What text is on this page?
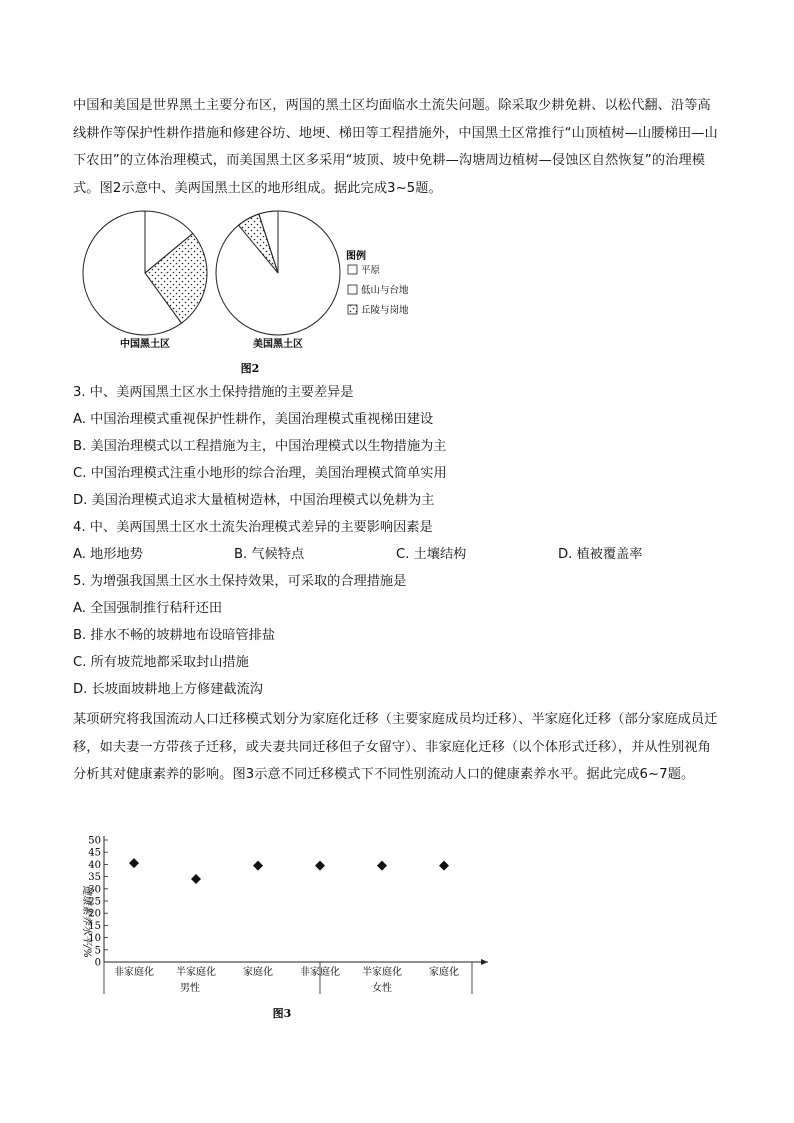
中国和美国是世界黑土主要分布区，两国的黑土区均面临水土流失问题。除采取少耕免耕、以松代翻、沿等高线耕作等保护性耕作措施和修建谷坊、地埂、梯田等工程措施外，中国黑土区常推行“山顶植树—山腰梯田—山下农田”的立体治理模式，而美国黑土区多采用“坡顶、坡中免耕—沟塘周边植树—侵蚀区自然恢复”的治理模式。图2示意中、美两国黑土区的地形组成。据此完成3~5题。
图例
平原
低山与台地
丘陵与岗地
中国黑土区	美国黑土区
图2
3. 中、美两国黑土区水土保持措施的主要差异是
A. 中国治理模式重视保护性耕作，美国治理模式重视梯田建设
B. 美国治理模式以工程措施为主，中国治理模式以生物措施为主
C. 中国治理模式注重小地形的综合治理，美国治理模式简单实用
D. 美国治理模式追求大量植树造林，中国治理模式以免耕为主
4. 中、美两国黑土区水土流失治理模式差异的主要影响因素是
A. 地形地势	B. 气候特点	C. 土壤结构	D. 植被覆盖率
5. 为增强我国黑土区水土保持效果，可采取的合理措施是
A. 全国强制推行秸秆还田
B. 排水不畅的坡耕地布设暗管排盐
C. 所有坡荒地都采取封山措施
D. 长坡面坡耕地上方修建截流沟
某项研究将我国流动人口迁移模式划分为家庭化迁移（主要家庭成员均迁移）、半家庭化迁移（部分家庭成员迁移，如夫妻一方带孩子迁移，或夫妻共同迁移但子女留守）、非家庭化迁移（以个体形式迁移），并从性别视角分析其对健康素养的影响。图3示意不同迁移模式下不同性别流动人口的健康素养水平。据此完成6~7题。
0
5
10
15
20
25
30
35
40
45
50
非家庭化 半家庭化	家庭化	非家庭化 半家庭化	家庭化
健康素养水平/%
男性	女性
图3
